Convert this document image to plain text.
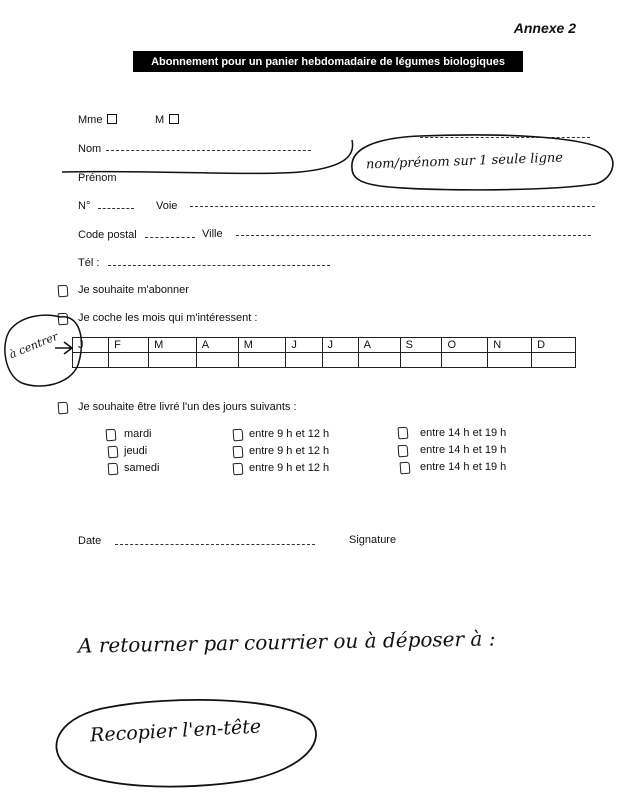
Annexe 2
Abonnement pour un panier hebdomadaire de légumes biologiques
Mme	M
Nom
Prénom
N°	Voie
Code postal	Ville
Tél :
Je souhaite m'abonner
Je coche les mois qui m'intéressent :
J	F	M	A	M	J	J	A	S	O	N	D

Je souhaite être livré l'un des jours suivants :
mardi	entre 9 h et 12 h	entre 14 h et 19 h
jeudi	entre 9 h et 12 h	entre 14 h et 19 h
samedi	entre 9 h et 12 h	entre 14 h et 19 h
Date	Signature
nom/prénom sur 1 seule ligne
à centrer
A retourner par courrier ou à déposer à :
Recopier l'en-tête
